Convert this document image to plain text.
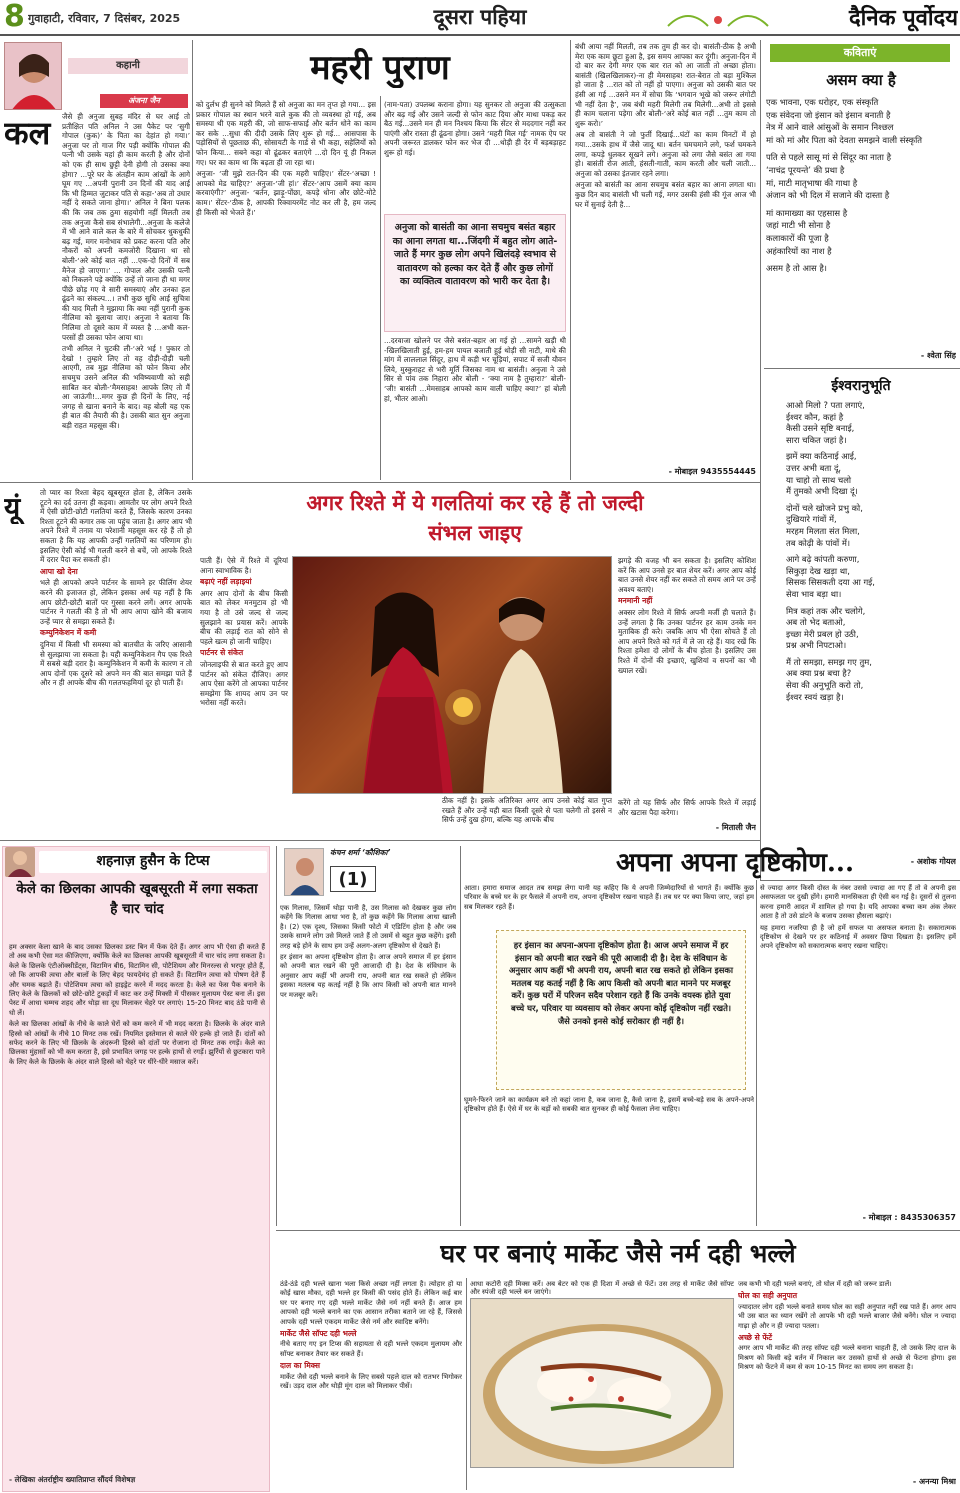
8 गुवाहाटी, रविवार, 7 दिसंबर, 2025	दूसरा पहिया	दैनिक पूर्वोदय
कहानी
अंजना जैन
महरी पुराण
कल	जैसे ही अनुजा सुबह मंदिर से घर आई तो प्रतीक्षित पति अनिल ने उस पैकेट पर ‘सुगी गोपाल (कुक)’ के पिता का देहांत हो गया।’ अनुजा पर तो गाज गिर पड़ी क्योंकि गोपाल की पत्नी भी उसके यहां ही काम करती है और दोनों को एक ही साथ छुट्टी देनी होगी तो उसका क्या होगा? ...पूरे घर के अंतहीन काम आंखों के आगे घूम गए ...अपनी पुरानी उन दिनों की याद आई कि भी हिम्मत जुटाकर पति से कहा-‘अब तो उधार नहीं दे सकते जाना होगा।’ अनिल ने बिना पलक की कि जब तक ठुमा सहयोगी नहीं मिलती तब तक अनुजा कैसे सब संभालेगी...अनुजा के कलेजे में भी आने वाले कल के बारे में सोचकर धुकधुकी बढ़ गई, मगर मनोभाव को प्रकट करना पति और नौकरों को अपनी कमजोरी दिखाना था सो बोली-‘अरे कोई बात नहीं ...एक-दो दिनों में सब मैनेज हो जाएगा।’ ... गोपाल और उसकी पत्नी को निकलने पड़े क्योंकि उन्हें तो जाना ही था मगर पीछे छोड़ गए वे सारी समस्याएं और उनका हल ढूंढने का संकल्प...। तभी कुछ सुधि आई सुचित्रा की याद मिली ने मुझाया कि क्या नहीं पुरानी कुक नीलिमा को बुलाया जाए। अनुजा ने बताया कि निलिमा तो दूसरे काम में व्यस्त है ...अभी कल-परसों ही उसका फोन आया था।

तभी अनिल ने चुटकी ली-‘अरे भई ! पुकार तो देखो ! तुम्हारे लिए तो वह दौड़ी-दौड़ी चली आएगी, तब मुझ नीलिमा को फोन किया और सचमुच उसने अनिल की भविष्यवाणी को सही साबित कर बोली-‘मैमसाहब! आपके लिए तो मैं आ जाऊंगी!...मगर कुछ ही दिनों के लिए, नई जगह से खाना बनाने के बाद। वह बोली यह एक ही बात की तैयारी की है। उसकी बात सुन अनुजा बड़ी राहत महसूस की।

को दुर्लभ ही सुनने को मिलते हैं सो अनुजा का मन तृप्त हो गया... इस प्रकार गोपाल का स्थान भरने वाले कुक की तो व्यवस्था हो गई, अब समस्या थी एक महरी की, जो साफ-सफाई और बर्तन धोने का काम कर सके ...सुधा की दीदी उसके लिए शुरू हो गई... आसपास के पड़ोसियों से पूछताछ की, सोसायटी के गार्ड से भी कहा, सहेलियों को फोन किया... सबने कहा वो ढूंढकर बताएंगे ...दो दिन यूं ही निकल गए। घर का काम था कि बढ़ता ही जा रहा था।

अनुजा- ‘जी मुझे रात-दिन की एक महरी चाहिए।’ सेंटर-‘अच्छा ! आपको मेड चाहिए?’ अनुजा-‘जी हां।’ सेंटर-‘आप उसमें क्या काम करवाएंगी?’ अनुजा- ‘बर्तन, झाड़ू-पोंछा, कपड़े धोना और छोटे-मोटे काम।’ सेंटर-‘ठीक है, आपकी रिक्वायरमेंट नोट कर ली है, हम जल्द ही किसी को भेजते हैं।’

(नाम-पता) उपलब्ध कराना होगा। यह सुनकर तो अनुजा की उत्सुकता और बढ़ गई और उसने जल्दी से फोन काट दिया और माथा पकड़ कर बैठ गई...उसने मन ही मन निश्चय किया कि सेंटर से मददगार नहीं कर पाएंगी और रास्ता ही ढूंढना होगा। उसने ‘महरी मिल गई’ नामक ऐप पर अपनी जरूरत डालकर फोन कर भेज दी ...थोड़ी ही देर में बड़बड़ाहट शुरू हो गई।
अनुजा को बासंती का आना सचमुच बसंत बहार का आना लगता था...जिंदगी में बहुत लोग आते-जाते हैं मगर कुछ लोग अपने खिलंदड़े स्वभाव से वातावरण को हल्का कर देते हैं और कुछ लोगों का व्यक्तित्व वातावरण को भारी कर देता है।
...दरवाजा खोलने पर जैसे बसंत-बहार आ गई हो ...सामने खड़ी थी -खिलखिलाती हुई, हम-हम पायल बजाती हुई थोड़ी सी नाटी, माथे की मांग में लाललाल सिंदूर, हाथ में कड़ी भर चूड़ियां, सपाट में सजी यौवन लिये, मुस्कुराहट से भरी मूर्ति जिसका नाम था बासंती। अनुजा ने उसे सिर से पांव तक निहारा और बोली - ‘क्या नाम है तुम्हारा?’ बोली- ‘जी! बासंती ...मेमसाहब आपको काम वाली चाहिए क्या?’ हां बोली हां, भीतर आओ।

बंधी आया नहीं मिलती, तब तक तुम ही कर दो। बासंती-ठीक है अभी मेरा एक काम छूटा हुआ है, इस समय आपका कर दूंगी। अनुजा-दिन में दो बार कर देगी मगर एक बार रात को आ जाती तो अच्छा होता। बासंती (खिलखिलाकर)-ना ही मेमसाहब! रात-बेरात तो बड़ा मुश्किल हो जाता है ...रात को तो नहीं हो पाएगा। अनुजा को उसकी बात पर हंसी आ गई ...उसने मन में सोचा कि ‘भगवान भूखे को जरूर लंगोटी भी नहीं देता है’, जब बंधी महरी मिलेगी तब मिलेगी...अभी तो इससे ही काम चलाना पड़ेगा और बोली-‘अरे कोई बात नहीं ...तुम काम तो शुरू करो।’

अब तो बासंती ने जो फुर्ती दिखाई...घंटों का काम मिनटों में हो गया...उसके हाथ में जैसे जादू था। बर्तन चमचमाने लगे, फर्श चमकने लगा, कपड़े धुलकर सूखने लगे। अनुजा को लगा जैसे बसंत आ गया हो। बासंती रोज आती, हंसती-गाती, काम करती और चली जाती... अनुजा को उसका इंतजार रहने लगा।

अनुजा को बासंती का आना सचमुच बसंत बहार का आना लगता था। कुछ दिन बाद बासंती भी चली गई, मगर उसकी हंसी की गूंज आज भी घर में सुनाई देती है...

- मोबाइल 9435554445
कविताएं
असम क्या है
एक भावना, एक धरोहर, एक संस्कृति
एक संवेदना जो इंसान को इंसान बनाती है
नेत्र में आने वाले आंसुओं के समान निश्छल
मां को मां और पिता को देवता समझने वाली संस्कृति

पति से पहले सासू मां से सिंदूर का नाता है
‘नाचंद्र पूरयन्ते’ की प्रथा है
मां, माटी मातृभाषा की गाथा है
अंजान को भी दिल में सजाने की दास्ता है

मां कामाख्या का एहसास है
जहां माटी भी सोना है
कलाकारों की पूजा है
अहंकारियों का नाश है

असम है तो आस है।
- श्वेता सिंह
ईश्वरानुभूति
आओ मिलो ? पता लगाएं,
ईश्वर कौन, कहां है
कैसी उसने सृष्टि बनाई,
सारा चकित जहां है।

झमें क्या कठिनाई आई,
उत्तर अभी बता दूं,
या चाहो तो साथ चलो
मैं तुमको अभी दिखा दूं।

दोनों चले खोजने प्रभु को,
दुखियारे गांवों में,
मरहम मिलता संत मिला,
तब कोढ़ी के पांवों में।

आगे बढ़े कांपती करुणा,
सिकुड़ा देख खड़ा था,
सिसक सिसकती दया आ गई,
सेवा भाव बड़ा था।

मित्र कहां तक और चलोगे,
अब तो भेद बताओ,
इच्छा मेरी प्रबल हो उठी,
प्रश्न अभी निपटाओ।

मैं तो समझा, समझ गए तुम,
अब क्या प्रश्न बचा है?
सेवा की अनुभूति करो तो,
ईश्वर स्वयं खड़ा है।
- अशोक गोयल
यूं	अगर रिश्ते में ये गलतियां कर रहे हैं तो जल्दी
संभल जाइए

तो प्यार का रिश्ता बेहद खूबसूरत होता है, लेकिन उसके टूटने का दर्द उतना ही कड़वा। आमतौर पर लोग अपने रिश्ते में ऐसी छोटी-छोटी गलतियां करते हैं, जिसके कारण उनका रिश्ता टूटने की कगार तक जा पहुंच जाता है। अगर आप भी अपने रिश्ते में तनाव या परेशानी महसूस कर रहे हैं तो हो सकता है कि यह आपकी उन्हीं गलतियों का परिणाम हो। इसलिए ऐसी कोई भी गलती करने से बचें, जो आपके रिश्ते में दरार पैदा कर सकती हो।

आपा खो देना

भले ही आपको अपने पार्टनर के सामने हर फीलिंग शेयर करने की इजाजत हो, लेकिन इसका अर्थ यह नहीं है कि आप छोटी-छोटी बातों पर गुस्सा करने लगें। अगर आपके पार्टनर ने गलती की है तो भी आप आपा खोने की बजाय उन्हें प्यार से समझा सकते हैं।

कम्युनिकेशन में कमी

दुनिया में किसी भी समस्या को बातचीत के जरिए आसानी से सुलझाया जा सकता है। यही कम्युनिकेशन गैप एक रिश्ते में सबसे बड़ी दरार है। कम्युनिकेशन में कमी के कारण न तो आप दोनों एक दूसरे को अपने मन की बात समझा पाते हैं और न ही आपके बीच की गलतफहमियां दूर हो पाती हैं।

पाती हैं। ऐसे में रिश्ते में दूरियां आना स्वाभाविक है।

बढ़ाएं नहीं लड़ाइयां

अगर आप दोनों के बीच किसी बात को लेकर मनमुटाव हो भी गया है तो उसे जल्द से जल्द सुलझाने का प्रयास करें। आपके बीच की लड़ाई रात को सोने से पहले खत्म हो जानी चाहिए।

पार्टनर से संकेत

जोनलाइफी से बात करते हुए आप पार्टनर को संकेत दीजिए। अगर आप ऐसा करेंगे तो आपका पार्टनर समझेगा कि शायद आप उन पर भरोसा नहीं करते।

ठीक नहीं है। इसके अतिरिक्त अगर आप उनसे कोई बात गुप्त रखते हैं और उन्हें यही बात किसी दूसरे से पता चलेगी तो इससे न सिर्फ उन्हें दुख होगा, बल्कि यह आपके बीच

झगड़े की वजह भी बन सकता है। इसलिए कोशिश करें कि आप उनसे हर बात शेयर करें। अगर आप कोई बात उनसे शेयर नहीं कर सकते तो समय आने पर उन्हें अवश्य बताएं।

मनमानी नहीं

अक्सर लोग रिश्ते में सिर्फ अपनी मर्जी ही चलाते हैं। उन्हें लगता है कि उनका पार्टनर हर काम उनके मन मुताबिक ही करे। जबकि आप भी ऐसा सोचते हैं तो आप अपने रिश्ते को गर्त में ले जा रहे हैं। याद रखें कि रिश्ता हमेशा दो लोगों के बीच होता है। इसलिए उस रिश्ते में दोनों की इच्छाएं, खुशियां व सपनों का भी ख्याल रखें।

करेंगे तो यह सिर्फ और सिर्फ आपके रिश्ते में लड़ाई और खटास पैदा करेगा।
- मिताली जैन
शहनाज़ हुसैन के टिप्स
केले का छिलका आपकी खूबसूरती में लगा सकता है चार चांद

हम अक्सर केला खाने के बाद उसका छिलका डस्ट बिन में फेंक देते हैं। अगर आप भी ऐसा ही करते हैं तो अब कभी ऐसा मत कीजिएगा, क्योंकि केले का छिलका आपकी खूबसूरती में चार चांद लगा सकता है। केले के छिलके एंटीऑक्सीडेंट्स, विटामिन बी6, विटामिन सी, पोटैशियम और मिनरल्स से भरपूर होते हैं, जो कि आपकी त्वचा और बालों के लिए बेहद फायदेमंद हो सकते हैं। विटामिन त्वचा को पोषण देते हैं और चमक बढ़ाते हैं। पोटेशियम त्वचा को हाइड्रेट करने में मदद करता है। केले का फेस पैक बनाने के लिए केले के छिलकों को छोटे-छोटे टुकड़ों में काट कर उन्हें मिक्सी में पीसकर मुलायम पेस्ट बना लें। इस पेस्ट में आधा चम्मच शहद और थोड़ा सा दूध मिलाकर चेहरे पर लगाएं। 15-20 मिनट बाद ठंडे पानी से धो लें।

केले का छिलका आंखों के नीचे के काले घेरों को कम करने में भी मदद करता है। छिलके के अंदर वाले हिस्से को आंखों के नीचे 10 मिनट तक रखें। नियमित इस्तेमाल से काले घेरे हल्के हो जाते हैं। दांतों को सफेद करने के लिए भी छिलके के अंदरूनी हिस्से को दांतों पर रोजाना दो मिनट तक रगड़ें। केले का छिलका मुंहासों को भी कम करता है, इसे प्रभावित जगह पर हल्के हाथों से रगड़ें। झुर्रियों से छुटकारा पाने के लिए केले के छिलके के अंदर वाले हिस्से को चेहरे पर धीरे-धीरे मसाज करें।

- लेखिका अंतर्राष्ट्रीय ख्यातिप्राप्त सौंदर्य विशेषज्ञ
कंचन शर्मा ‘कौशिका’
(1)
अपना अपना दृष्टिकोण...

एक गिलास, जिसमें थोड़ा पानी है, उस गिलास को देखकर कुछ लोग कहेंगे कि गिलास आधा भरा है, तो कुछ कहेंगे कि गिलास आधा खाली है। (2) एक दृश्य, जिसका किसी फोटो में एडिटिंग होता है और जब उसके सामने लोग उसे मिलते जाते हैं तो उसमें से बहुत कुछ कहेंगे। इसी तरह बड़े होने के साथ हम उन्हें अलग-अलग दृष्टिकोण से देखते हैं।

हर इंसान का अपना दृष्टिकोण होता है। आज अपने समाज में हर इंसान को अपनी बात रखने की पूरी आजादी दी है। देश के संविधान के अनुसार आप कहीं भी अपनी राय, अपनी बात रख सकते हो लेकिन इसका मतलब यह कतई नहीं है कि आप किसी को अपनी बात मानने पर मजबूर करें।

आता। हमारा समाज आदत तब समझ लेगा यानी यह कहिए कि ये अपनी जिम्मेदारियों से भागते हैं। क्योंकि कुछ परिवार के बच्चे घर के हर फैसले में अपनी राय, अपना दृष्टिकोण रखना चाहते हैं। तब घर पर क्या किया जाए, जहां हम सब मिलकर रहते हैं।
हर इंसान का अपना-अपना दृष्टिकोण होता है। आज अपने समाज में हर इंसान को अपनी बात रखने की पूरी आजादी दी है। देश के संविधान के अनुसार आप कहीं भी अपनी राय, अपनी बात रख सकते हो लेकिन इसका मतलब यह कतई नहीं है कि आप किसी को अपनी बात मानने पर मजबूर करें। कुछ घरों में परिजन सदैव परेशान रहते हैं कि उनके वयस्क होते युवा बच्चे घर, परिवार या व्यवसाय को लेकर अपना कोई दृष्टिकोण नहीं रखते। जैसे उनको इनसे कोई सरोकार ही नहीं है।
घूमने-फिरने जाने का कार्यक्रम बने तो कहां जाना है, कब जाना है, कैसे जाना है, इसमें बच्चे-बड़े सब के अपने-अपने दृष्टिकोण होते हैं। ऐसे में घर के बड़ों को सबकी बात सुनकर ही कोई फैसला लेना चाहिए।

से ज्यादा अगर किसी दोस्त के नंबर उससे ज्यादा आ गए हैं तो वे अपनी इस असफलता पर दुखी होंगे। हमारी मानसिकता ही ऐसी बन गई है। दूसरों से तुलना करना हमारी आदत में शामिल हो गया है। यदि आपका बच्चा कम अंक लेकर आता है तो उसे डांटने के बजाय उसका हौसला बढ़ाएं।

यह हमारा नजरिया ही है जो हमें सफल या असफल बनाता है। सकारात्मक दृष्टिकोण से देखने पर हर कठिनाई में अवसर छिपा दिखता है। इसलिए हमें अपने दृष्टिकोण को सकारात्मक बनाए रखना चाहिए।

- मोबाइल : 8435306357
घर पर बनाएं मार्केट जैसे नर्म दही भल्ले

ठंडे-ठंडे दही भल्ले खाना भला किसे अच्छा नहीं लगता है। त्योहार हो या कोई खास मौका, दही भल्ले हर किसी की पसंद होते हैं। लेकिन कई बार घर पर बनाए गए दही भल्ले मार्केट जैसे नर्म नहीं बनते हैं। आज हम आपको दही भल्ले बनाने का एक आसान तरीका बताने जा रहे हैं, जिससे आपके दही भल्ले एकदम मार्केट जैसे नर्म और स्वादिष्ट बनेंगे।

मार्केट जैसे सॉफ्ट दही भल्ले

नीचे बताए गए इन टिप्स की सहायता से दही भल्ले एकदम मुलायम और सॉफ्ट बनाकर तैयार कर सकते हैं।

दाल का मिक्स

मार्केट जैसे दही भल्ले बनाने के लिए सबसे पहले दाल को रातभर भिगोकर रखें। उड़द दाल और थोड़ी मूंग दाल को मिलाकर पीसें।

आधा कटोरी दही मिक्स करें। अब बेटर को एक ही दिशा में अच्छे से फेंटें। उस तरह से मार्केट जैसे सॉफ्ट और स्पंजी दही भल्ले बन जाएंगे।

जब कभी भी दही भल्ले बनाएं, तो घोल में दही को जरूर डालें।

घोल का सही अनुपात

ज्यादातर लोग दही भल्ले बनाते समय घोल का सही अनुपात नहीं रख पाते हैं। अगर आप भी उस बात का ध्यान रखेंगे तो आपके भी दही भल्ले बाजार जैसे बनेंगे। घोल न ज्यादा गाढ़ा हो और न ही ज्यादा पतला।

अच्छे से फेंटें

अगर आप भी मार्केट की तरह सॉफ्ट दही भल्ले बनाना चाहती हैं, तो उसके लिए दाल के मिश्रण को किसी बड़े बर्तन में निकाल कर उसको हाथों से अच्छे से फेंटना होगा। इस मिश्रण को फेंटने में कम से कम 10-15 मिनट का समय लग सकता है।

- अनन्या मिश्रा
